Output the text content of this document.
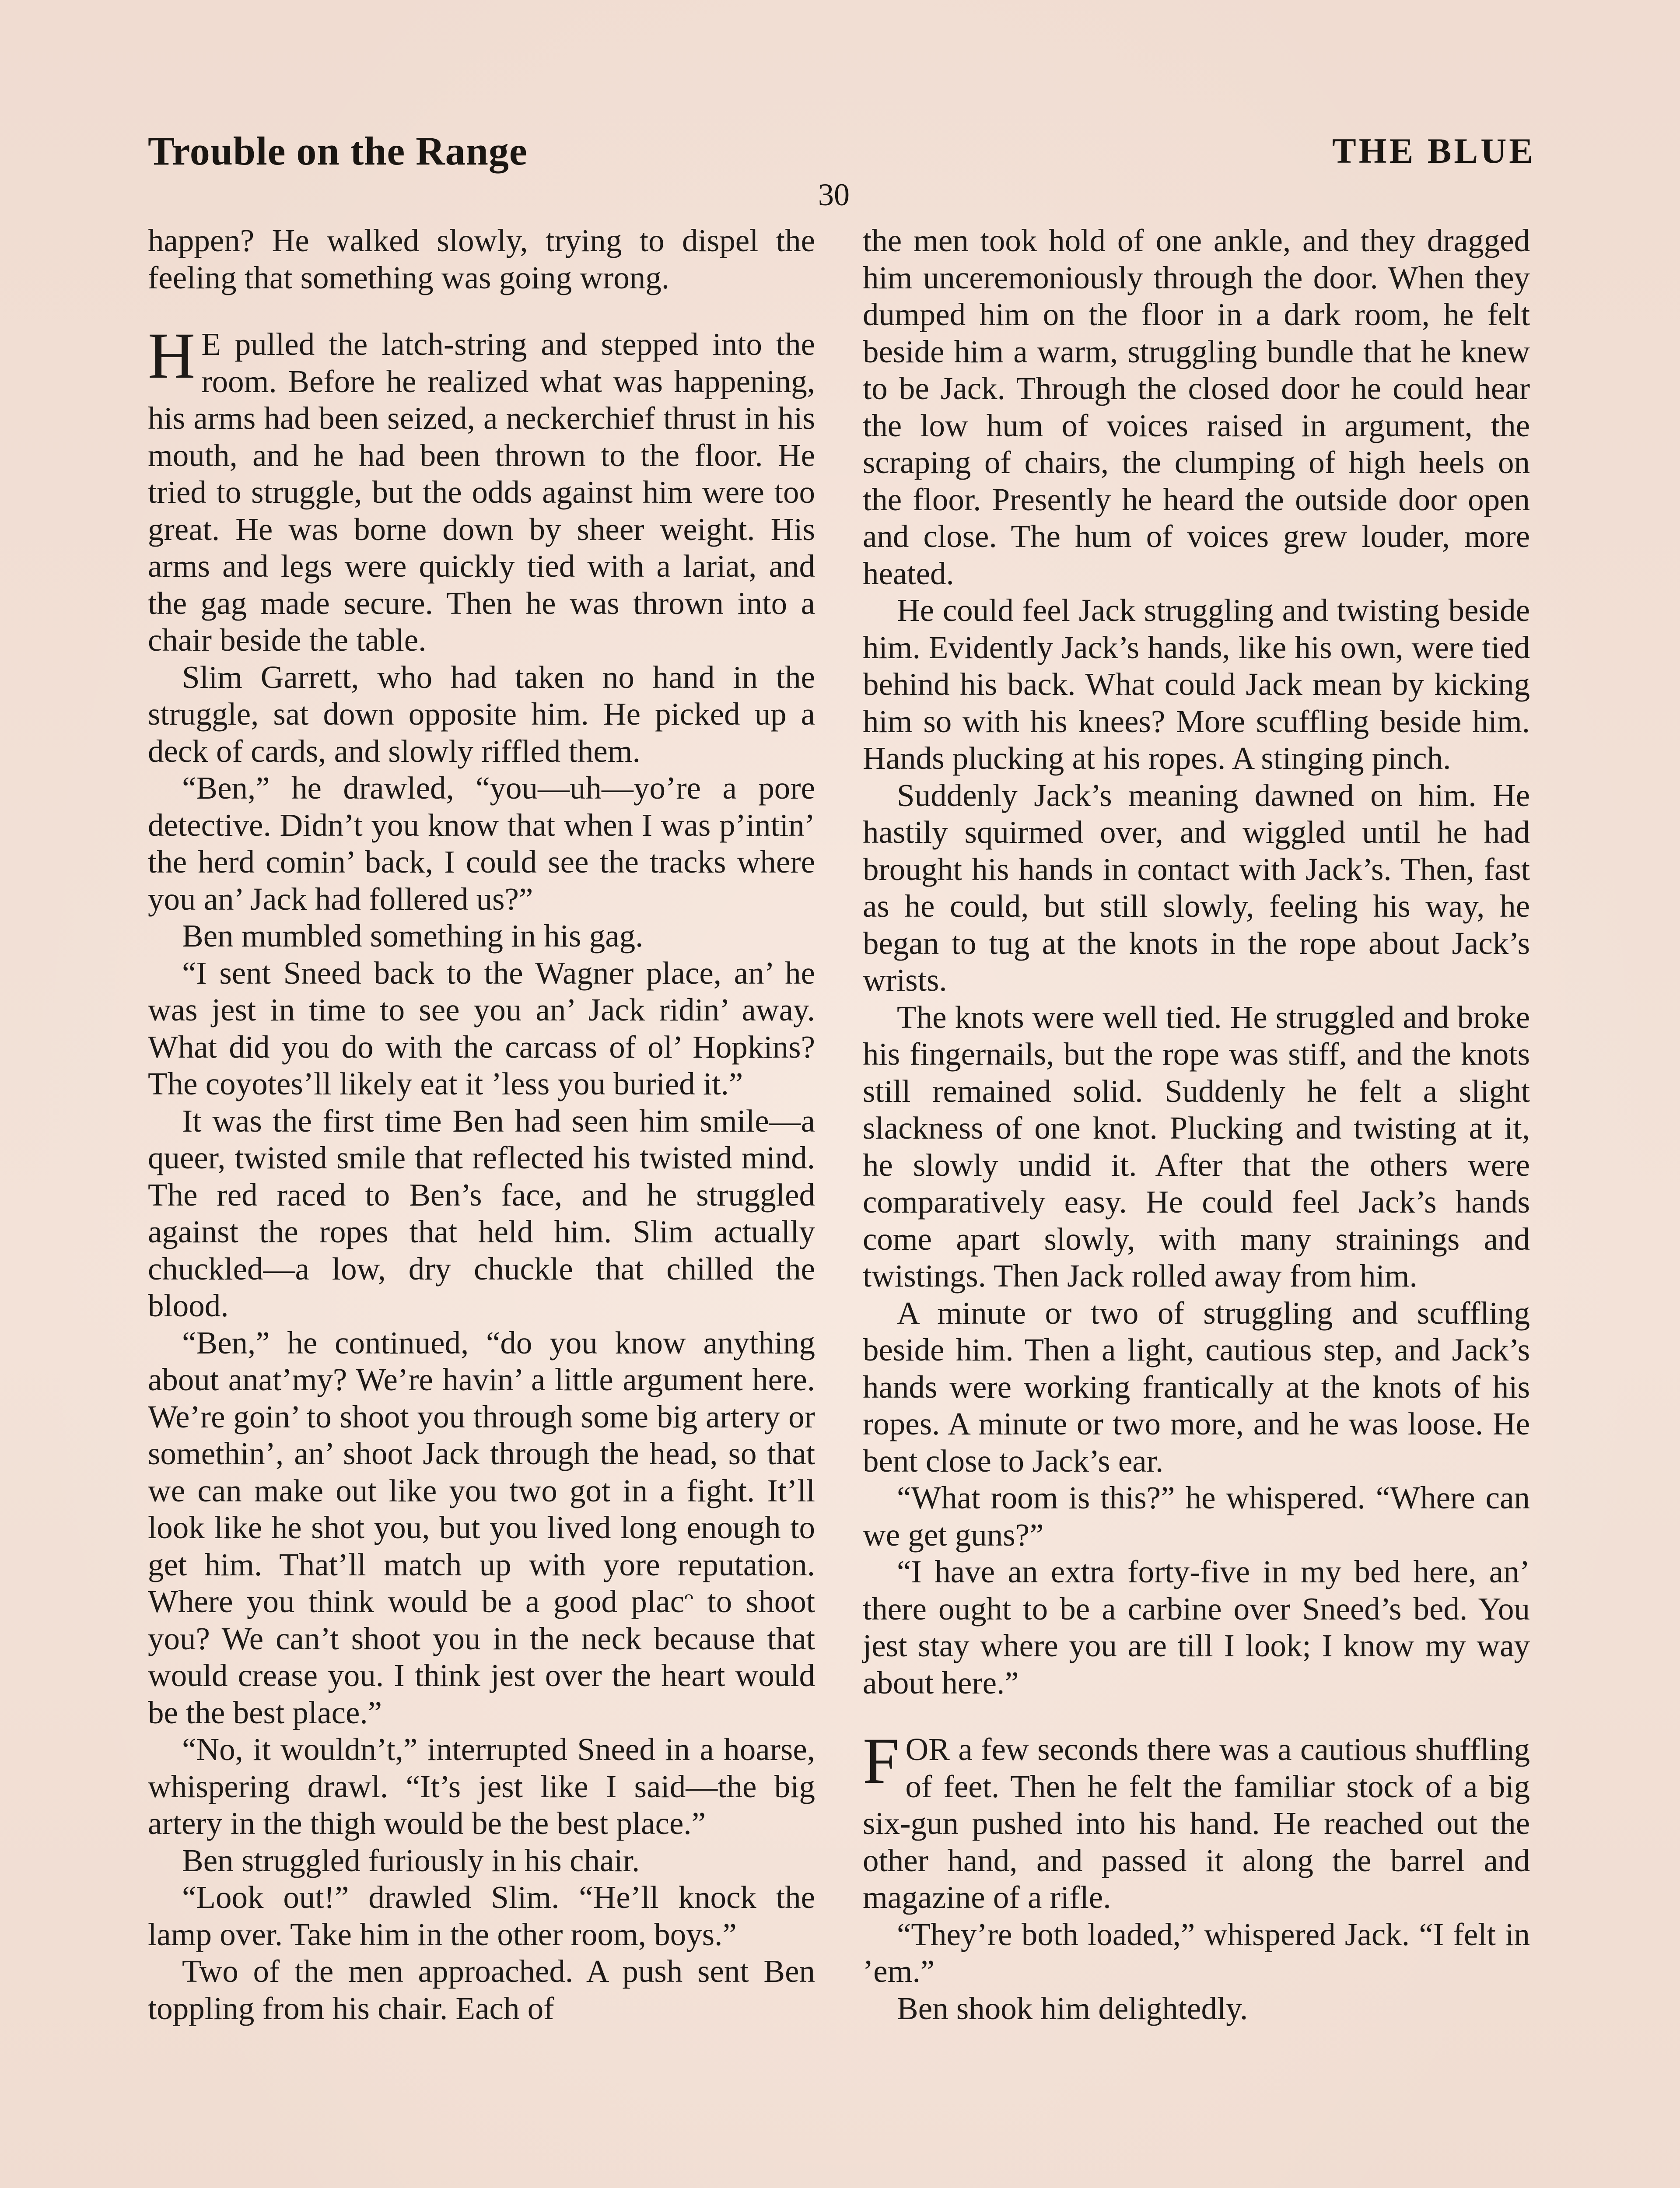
Trouble on the Range	THE BLUE
30

happen? He walked slowly, trying to dispel the feeling that something was going wrong.

H E pulled the latch-string and stepped into the room. Before he realized what was happening, his arms had been seized, a neckerchief thrust in his mouth, and he had been thrown to the floor. He tried to struggle, but the odds against him were too great. He was borne down by sheer weight. His arms and legs were quickly tied with a lariat, and the gag made secure. Then he was thrown into a chair beside the table.

Slim Garrett, who had taken no hand in the struggle, sat down opposite him. He picked up a deck of cards, and slowly riffled them.

“Ben,” he drawled, “you—uh—yo’re a pore detective. Didn’t you know that when I was p’intin’ the herd comin’ back, I could see the tracks where you an’ Jack had follered us?”

Ben mumbled something in his gag.

“I sent Sneed back to the Wagner place, an’ he was jest in time to see you an’ Jack ridin’ away. What did you do with the carcass of ol’ Hopkins? The coyotes’ll likely eat it ’less you buried it.”

It was the first time Ben had seen him smile—a queer, twisted smile that reflected his twisted mind. The red raced to Ben’s face, and he struggled against the ropes that held him. Slim actually chuckled—a low, dry chuckle that chilled the blood.

“Ben,” he continued, “do you know anything about anat’my? We’re havin’ a little argument here. We’re goin’ to shoot you through some big artery or somethin’, an’ shoot Jack through the head, so that we can make out like you two got in a fight. It’ll look like he shot you, but you lived long enough to get him. That’ll match up with yore reputation. Where you think would be a good placᵔ to shoot you? We can’t shoot you in the neck because that would crease you. I think jest over the heart would be the best place.”

“No, it wouldn’t,” interrupted Sneed in a hoarse, whispering drawl. “It’s jest like I said—the big artery in the thigh would be the best place.”

Ben struggled furiously in his chair.

“Look out!” drawled Slim. “He’ll knock the lamp over. Take him in the other room, boys.”

Two of the men approached. A push sent Ben toppling from his chair. Each of

the men took hold of one ankle, and they dragged him unceremoniously through the door. When they dumped him on the floor in a dark room, he felt beside him a warm, struggling bundle that he knew to be Jack. Through the closed door he could hear the low hum of voices raised in argument, the scraping of chairs, the clumping of high heels on the floor. Presently he heard the outside door open and close. The hum of voices grew louder, more heated.

He could feel Jack struggling and twisting beside him. Evidently Jack’s hands, like his own, were tied behind his back. What could Jack mean by kicking him so with his knees? More scuffling beside him. Hands plucking at his ropes. A stinging pinch.

Suddenly Jack’s meaning dawned on him. He hastily squirmed over, and wiggled until he had brought his hands in contact with Jack’s. Then, fast as he could, but still slowly, feeling his way, he began to tug at the knots in the rope about Jack’s wrists.

The knots were well tied. He struggled and broke his fingernails, but the rope was stiff, and the knots still remained solid. Suddenly he felt a slight slackness of one knot. Plucking and twisting at it, he slowly undid it. After that the others were comparatively easy. He could feel Jack’s hands come apart slowly, with many strainings and twistings. Then Jack rolled away from him.

A minute or two of struggling and scuffling beside him. Then a light, cautious step, and Jack’s hands were working frantically at the knots of his ropes. A minute or two more, and he was loose. He bent close to Jack’s ear.

“What room is this?” he whispered. “Where can we get guns?”

“I have an extra forty-five in my bed here, an’ there ought to be a carbine over Sneed’s bed. You jest stay where you are till I look; I know my way about here.”

FOR a few seconds there was a cautious shuffling of feet. Then he felt the familiar stock of a big six-gun pushed into his hand. He reached out the other hand, and passed it along the barrel and magazine of a rifle.

“They’re both loaded,” whispered Jack. “I felt in ’em.”

Ben shook him delightedly.
